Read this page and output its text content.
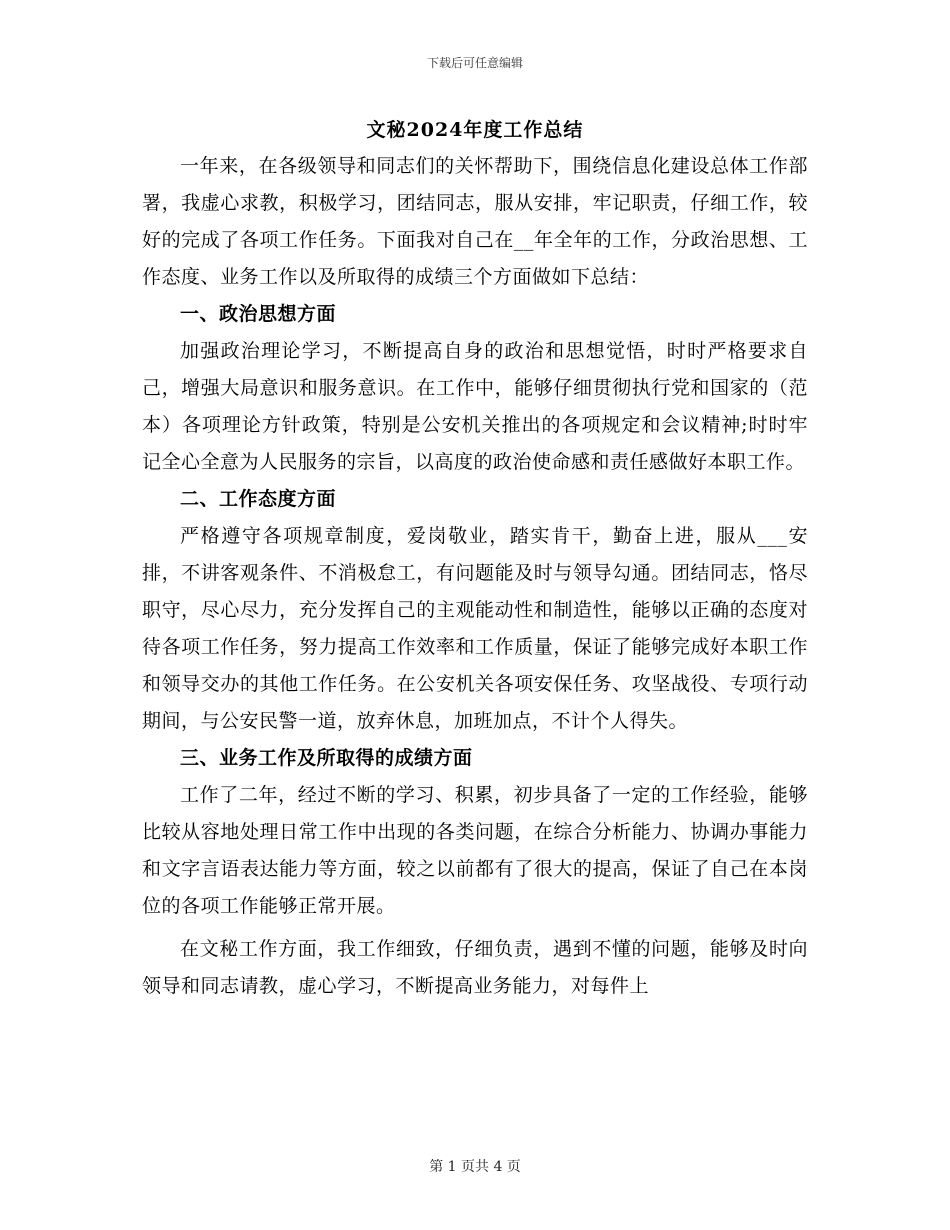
下载后可任意编辑
文秘2024年度工作总结

一年来，在各级领导和同志们的关怀帮助下，围绕信息化建设总体工作部署，我虚心求教，积极学习，团结同志，服从安排，牢记职责，仔细工作，较好的完成了各项工作任务。下面我对自己在__年全年的工作，分政治思想、工作态度、业务工作以及所取得的成绩三个方面做如下总结：

一、政治思想方面

加强政治理论学习，不断提高自身的政治和思想觉悟，时时严格要求自己，增强大局意识和服务意识。在工作中，能够仔细贯彻执行党和国家的（范本）各项理论方针政策，特别是公安机关推出的各项规定和会议精神;时时牢记全心全意为人民服务的宗旨，以高度的政治使命感和责任感做好本职工作。

二、工作态度方面

严格遵守各项规章制度，爱岗敬业，踏实肯干，勤奋上进，服从___安排，不讲客观条件、不消极怠工，有问题能及时与领导勾通。团结同志，恪尽职守，尽心尽力，充分发挥自己的主观能动性和制造性，能够以正确的态度对待各项工作任务，努力提高工作效率和工作质量，保证了能够完成好本职工作和领导交办的其他工作任务。在公安机关各项安保任务、攻坚战役、专项行动期间，与公安民警一道，放弃休息，加班加点，不计个人得失。

三、业务工作及所取得的成绩方面

工作了二年，经过不断的学习、积累，初步具备了一定的工作经验，能够比较从容地处理日常工作中出现的各类问题，在综合分析能力、协调办事能力和文字言语表达能力等方面，较之以前都有了很大的提高，保证了自己在本岗位的各项工作能够正常开展。

在文秘工作方面，我工作细致，仔细负责，遇到不懂的问题，能够及时向领导和同志请教，虚心学习，不断提高业务能力，对每件上

第 1 页共 4 页
